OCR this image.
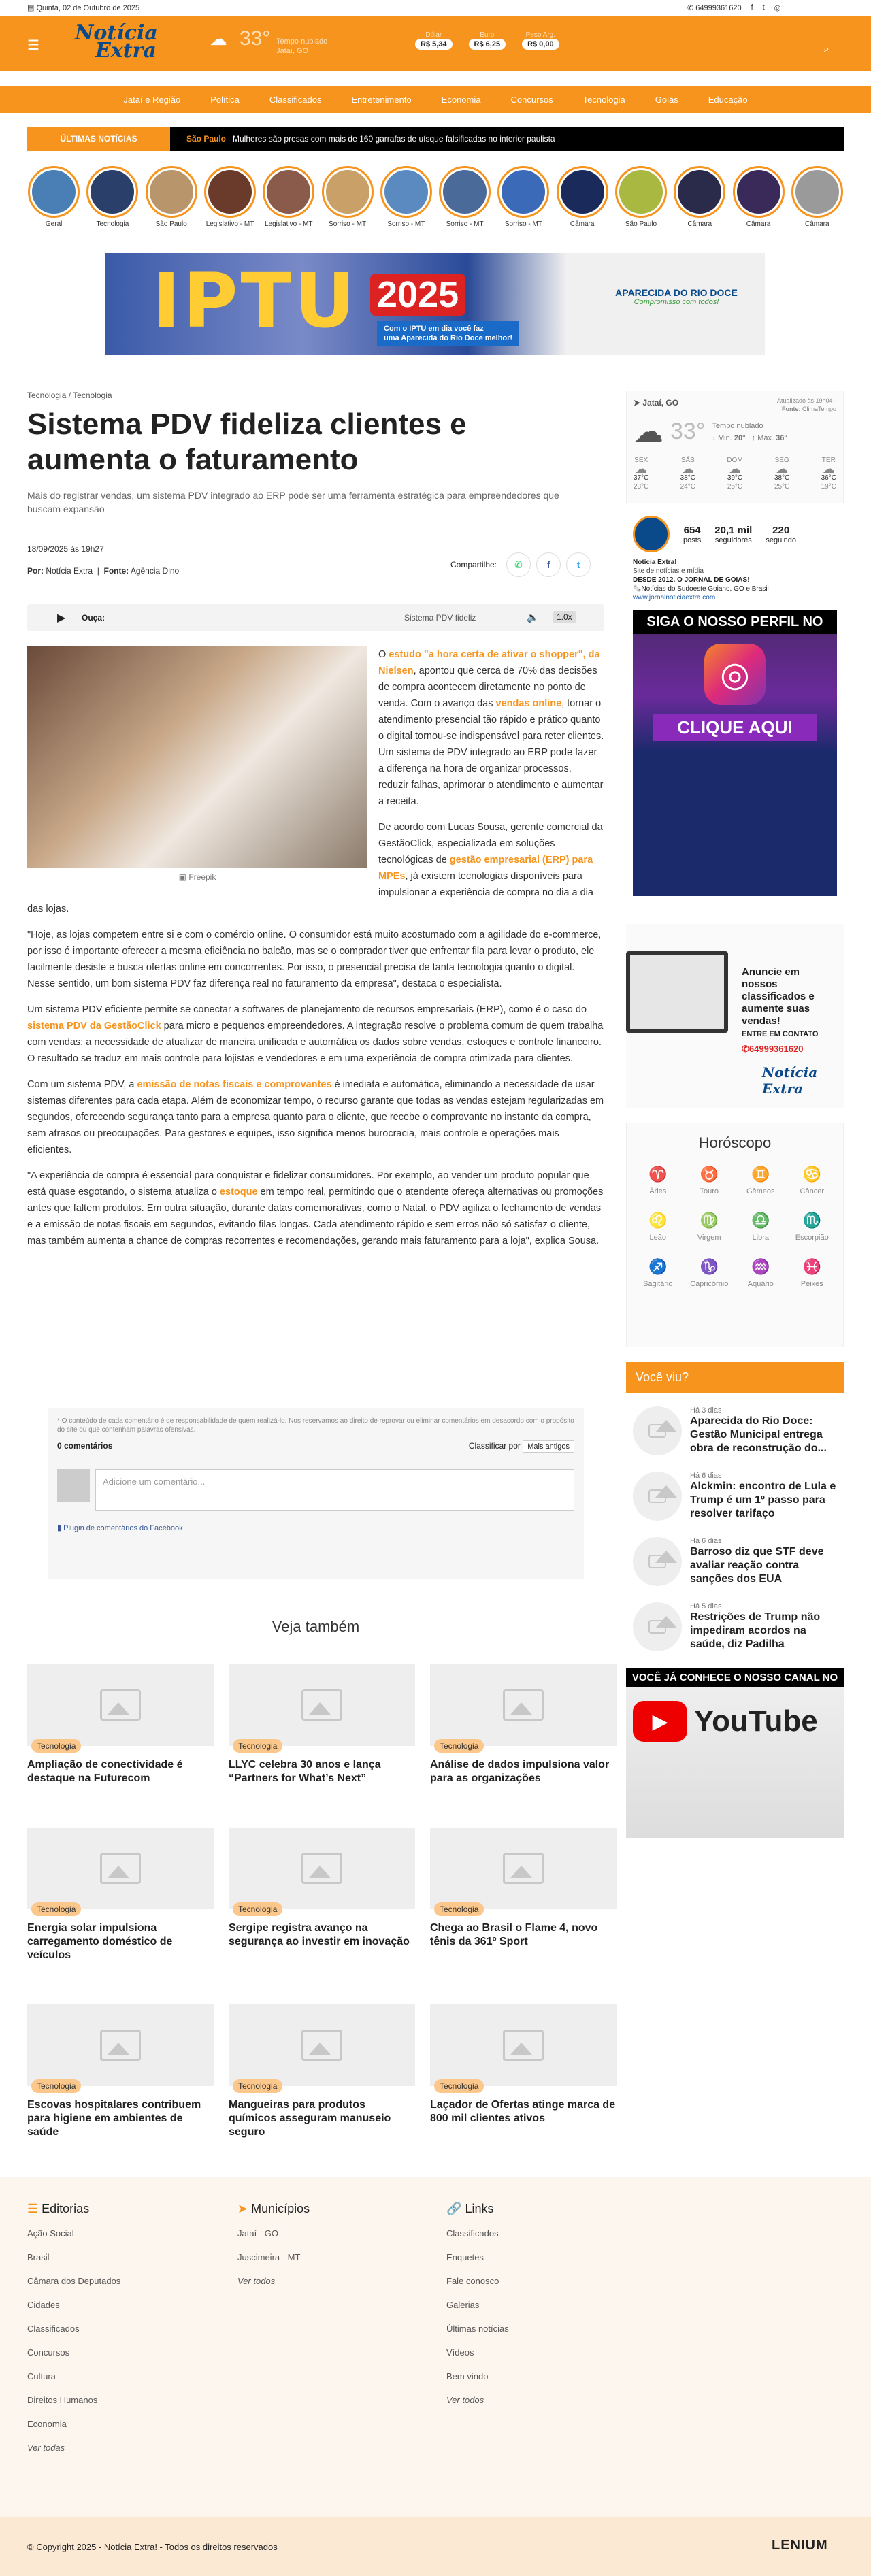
▤ Quinta, 02 de Outubro de 2025	✆ 64999361620 f t ◎
☰
Notícia
Extra	☁ 33° Tempo nublado
Jataí, GO
Dólar
R$ 5,34
Euro
R$ 6,25
Peso Arg.
R$ 0,00	⌕
Jataí e Região	Política	Classificados	Entretenimento	Economia	Concursos	Tecnologia	Goiás	Educação
ÚLTIMAS NOTÍCIAS	São Paulo Mulheres são presas com mais de 160 garrafas de uísque falsificadas no interior paulista
Geral	Tecnologia	São Paulo	Legislativo - MT	Legislativo - MT	Sorriso - MT	Sorriso - MT	Sorriso - MT	Sorriso - MT	Câmara	São Paulo	Câmara	Câmara	Câmara
IPTU 2025
Com o IPTU em dia você faz
uma Aparecida do Rio Doce melhor!
APARECIDA DO RIO DOCE
Compromisso com todos!
Tecnologia / Tecnologia
Sistema PDV fideliza clientes e aumenta o faturamento
Mais do registrar vendas, um sistema PDV integrado ao ERP pode ser uma ferramenta estratégica para empreendedores que buscam expansão
18/09/2025 às 19h27
Por: Notícia Extra  |  Fonte: Agência Dino
Compartilhe:	✆	f	t
▶ Ouça:	Sistema PDV fideliz	🔈	1.0x
▣ Freepik

O estudo "a hora certa de ativar o shopper", da Nielsen, apontou que cerca de 70% das decisões de compra acontecem diretamente no ponto de venda. Com o avanço das vendas online, tornar o atendimento presencial tão rápido e prático quanto o digital tornou-se indispensável para reter clientes. Um sistema de PDV integrado ao ERP pode fazer a diferença na hora de organizar processos, reduzir falhas, aprimorar o atendimento e aumentar a receita.

De acordo com Lucas Sousa, gerente comercial da GestãoClick, especializada em soluções tecnológicas de gestão empresarial (ERP) para MPEs, já existem tecnologias disponíveis para impulsionar a experiência de compra no dia a dia das lojas.

"Hoje, as lojas competem entre si e com o comércio online. O consumidor está muito acostumado com a agilidade do e-commerce, por isso é importante oferecer a mesma eficiência no balcão, mas se o comprador tiver que enfrentar fila para levar o produto, ele facilmente desiste e busca ofertas online em concorrentes. Por isso, o presencial precisa de tanta tecnologia quanto o digital. Nesse sentido, um bom sistema PDV faz diferença real no faturamento da empresa", destaca o especialista.

Um sistema PDV eficiente permite se conectar a softwares de planejamento de recursos empresariais (ERP), como é o caso do sistema PDV da GestãoClick para micro e pequenos empreendedores. A integração resolve o problema comum de quem trabalha com vendas: a necessidade de atualizar de maneira unificada e automática os dados sobre vendas, estoques e controle financeiro. O resultado se traduz em mais controle para lojistas e vendedores e em uma experiência de compra otimizada para clientes.

Com um sistema PDV, a emissão de notas fiscais e comprovantes é imediata e automática, eliminando a necessidade de usar sistemas diferentes para cada etapa. Além de economizar tempo, o recurso garante que todas as vendas estejam regularizadas em segundos, oferecendo segurança tanto para a empresa quanto para o cliente, que recebe o comprovante no instante da compra, sem atrasos ou preocupações. Para gestores e equipes, isso significa menos burocracia, mais controle e operações mais eficientes.

"A experiência de compra é essencial para conquistar e fidelizar consumidores. Por exemplo, ao vender um produto popular que está quase esgotando, o sistema atualiza o estoque em tempo real, permitindo que o atendente ofereça alternativas ou promoções antes que faltem produtos. Em outra situação, durante datas comemorativas, como o Natal, o PDV agiliza o fechamento de vendas e a emissão de notas fiscais em segundos, evitando filas longas. Cada atendimento rápido e sem erros não só satisfaz o cliente, mas também aumenta a chance de compras recorrentes e recomendações, gerando mais faturamento para a loja", explica Sousa.

* O conteúdo de cada comentário é de responsabilidade de quem realizá-lo. Nos reservamos ao direito de reprovar ou eliminar comentários em desacordo com o propósito do site ou que contenham palavras ofensivas.
0 comentários	Classificar por Mais antigos
Adicione um comentário...
▮ Plugin de comentários do Facebook
Veja também
Tecnologia
Ampliação de conectividade é destaque na Futurecom
Tecnologia
LLYC celebra 30 anos e lança “Partners for What’s Next”
Tecnologia
Análise de dados impulsiona valor para as organizações
Tecnologia
Energia solar impulsiona carregamento doméstico de veículos
Tecnologia
Sergipe registra avanço na segurança ao investir em inovação
Tecnologia
Chega ao Brasil o Flame 4, novo tênis da 361º Sport
Tecnologia
Escovas hospitalares contribuem para higiene em ambientes de saúde
Tecnologia
Mangueiras para produtos químicos asseguram manuseio seguro
Tecnologia
Laçador de Ofertas atinge marca de 800 mil clientes ativos
➤ Jataí, GO	Atualizado às 19h04 -
Fonte: ClimaTempo
☁ 33° Tempo nublado
↓ Min. 20°   ↑ Máx. 36°
SEX
☁
37°C
23°C
SÁB
☁
38°C
24°C
DOM
☁
39°C
25°C
SEG
☁
38°C
25°C
TER
☁
36°C
19°C
654
posts
20,1 mil
seguidores
220
seguindo
Notícia Extra!
Site de notícias e mídia
DESDE 2012. O JORNAL DE GOIÁS!
🗞️Notícias do Sudoeste Goiano, GO e Brasil
www.jornalnoticiaextra.com
SIGA O NOSSO PERFIL NO
◎
CLIQUE AQUI
Anuncie em nossos classificados e aumente suas vendas!
ENTRE EM CONTATO
✆64999361620
Notícia Extra
Horóscopo
♈
Áries
♉
Touro
♊
Gêmeos
♋
Câncer
♌
Leão
♍
Virgem
♎
Libra
♏
Escorpião
♐
Sagitário
♑
Capricórnio
♒
Aquário
♓
Peixes
Você viu?
Há 3 dias
Aparecida do Rio Doce: Gestão Municipal entrega obra de reconstrução do...
Há 6 dias
Alckmin: encontro de Lula e Trump é um 1º passo para resolver tarifaço
Há 6 dias
Barroso diz que STF deve avaliar reação contra sanções dos EUA
Há 5 dias
Restrições de Trump não impediram acordos na saúde, diz Padilha
VOCÊ JÁ CONHECE O NOSSO CANAL NO
▶ YouTube
☰ Editorias
Ação Social
Brasil
Câmara dos Deputados
Cidades
Classificados
Concursos
Cultura
Direitos Humanos
Economia
Ver todas
➤ Municípios
Jataí - GO
Juscimeira - MT
Ver todos
🔗 Links
Classificados
Enquetes
Fale conosco
Galerias
Últimas notícias
Vídeos
Bem vindo
Ver todos
© Copyright 2025 - Notícia Extra! - Todos os direitos reservados	LENIUM
